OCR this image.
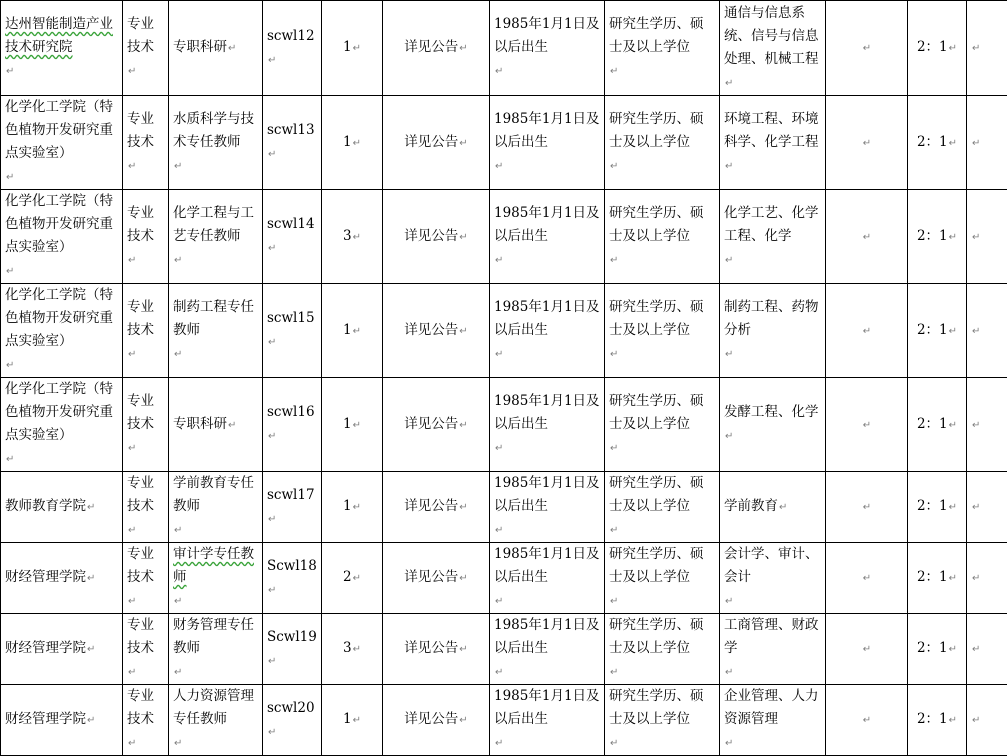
达州智能制造产业技术研究院↵	专业技术↵	专职科研↵	scwl12↵	1↵	详见公告↵	1985年1月1日及以后出生↵	研究生学历、硕士及以上学位↵	通信与信息系统、信号与信息处理、机械工程↵	↵	2：1↵	↵

化学化工学院（特色植物开发研究重点实验室）↵	专业技术↵	水质科学与技术专任教师↵	scwl13↵	1↵	详见公告↵	1985年1月1日及以后出生↵	研究生学历、硕士及以上学位↵	环境工程、环境科学、化学工程↵	↵	2：1↵	↵

化学化工学院（特色植物开发研究重点实验室）↵	专业技术↵	化学工程与工艺专任教师↵	scwl14↵	3↵	详见公告↵	1985年1月1日及以后出生↵	研究生学历、硕士及以上学位↵	化学工艺、化学工程、化学↵	↵	2：1↵	↵

化学化工学院（特色植物开发研究重点实验室）↵	专业技术↵	制药工程专任教师↵	scwl15↵	1↵	详见公告↵	1985年1月1日及以后出生↵	研究生学历、硕士及以上学位↵	制药工程、药物分析↵	↵	2：1↵	↵

化学化工学院（特色植物开发研究重点实验室）↵	专业技术↵	专职科研↵	scwl16↵	1↵	详见公告↵	1985年1月1日及以后出生↵	研究生学历、硕士及以上学位↵	发酵工程、化学↵	↵	2：1↵	↵

教师教育学院↵	专业技术↵	学前教育专任教师↵	scwl17↵	1↵	详见公告↵	1985年1月1日及以后出生↵	研究生学历、硕士及以上学位↵	学前教育↵	↵	2：1↵	↵

财经管理学院↵	专业技术↵	审计学专任教师↵	Scwl18↵	2↵	详见公告↵	1985年1月1日及以后出生↵	研究生学历、硕士及以上学位↵	会计学、审计、会计↵	↵	2：1↵	↵

财经管理学院↵	专业技术↵	财务管理专任教师↵	Scwl19↵	3↵	详见公告↵	1985年1月1日及以后出生↵	研究生学历、硕士及以上学位↵	工商管理、财政学↵	↵	2：1↵	↵

财经管理学院↵	专业技术↵	人力资源管理专任教师↵	scwl20↵	1↵	详见公告↵	1985年1月1日及以后出生↵	研究生学历、硕士及以上学位↵	企业管理、人力资源管理↵	↵	2：1↵	↵
